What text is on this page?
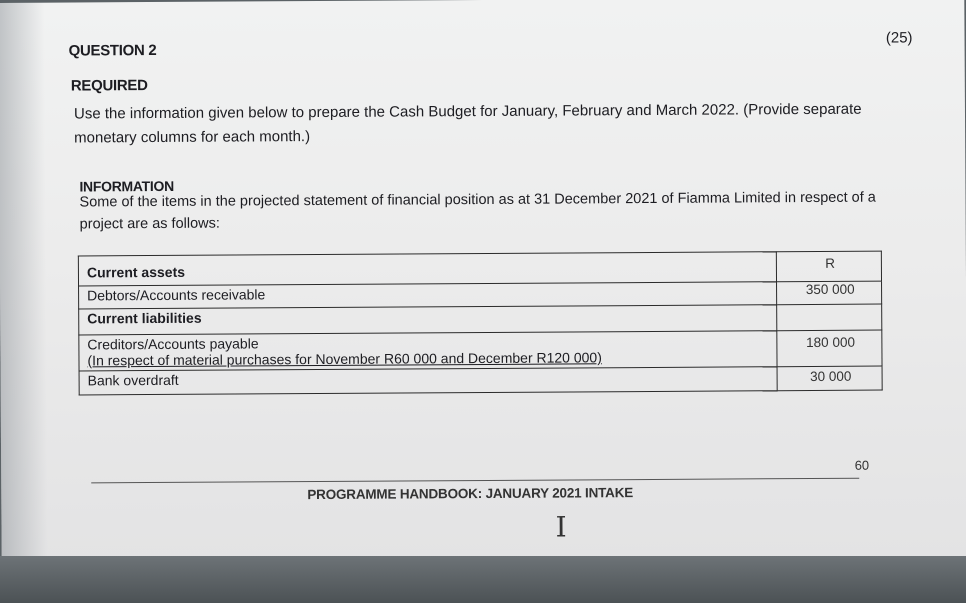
(25)
QUESTION 2
REQUIRED
Use the information given below to prepare the Cash Budget for January, February and March 2022. (Provide separate monetary columns for each month.)
INFORMATION
Some of the items in the projected statement of financial position as at 31 December 2021 of Fiamma Limited in respect of a project are as follows:
Current assets	R
Debtors/Accounts receivable	350 000
Current liabilities	

Creditors/Accounts payable
(In respect of material purchases for November R60 000 and December R120 000)	180 000
Bank overdraft	30 000
60
PROGRAMME HANDBOOK: JANUARY 2021 INTAKE
I
